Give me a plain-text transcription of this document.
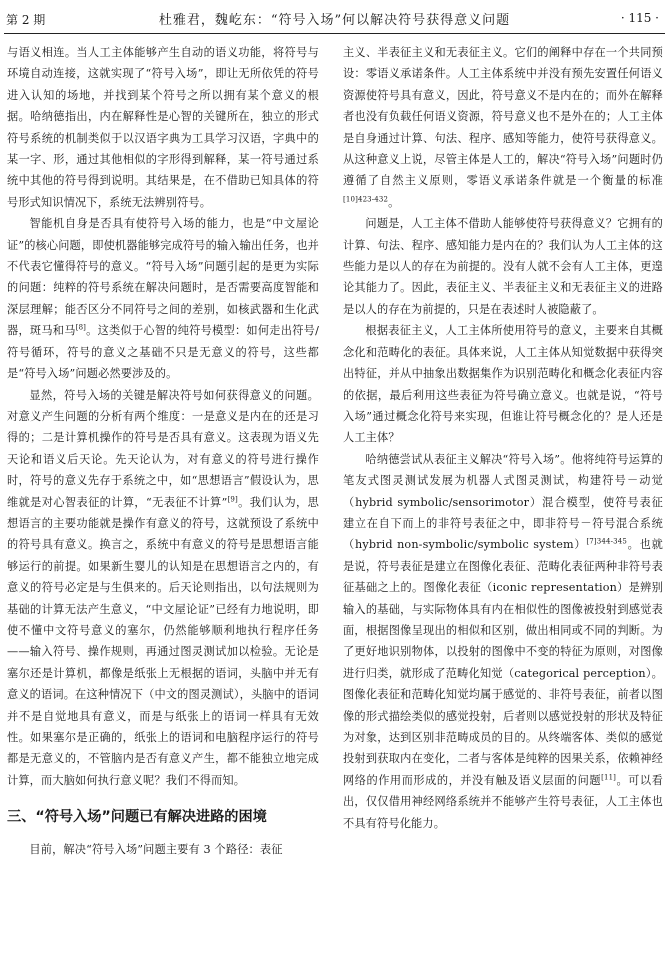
第 2 期	杜雅君，魏屹东：“符号入场”何以解决符号获得意义问题	· 115 ·

与语义相连。当人工主体能够产生自动的语义功能，将符号与环境自动连接，这就实现了“符号入场”，即让无所依凭的符号进入认知的场地，并找到某个符号之所以拥有某个意义的根据。哈纳德指出，内在解释性是心智的关键所在，独立的形式符号系统的机制类似于以汉语字典为工具学习汉语，字典中的某一字、形，通过其他相似的字形得到解释，某一符号通过系统中其他的符号得到说明。其结果是，在不借助已知具体的符号形式知识情况下，系统无法辨别符号。

智能机自身是否具有使符号入场的能力，也是“中文屋论证”的核心问题，即使机器能够完成符号的输入输出任务，也并不代表它懂得符号的意义。“符号入场”问题引起的是更为实际的问题：纯粹的符号系统在解决问题时，是否需要高度智能和深层理解；能否区分不同符号之间的差别，如核武器和生化武器，斑马和马[8]。这类似于心智的纯符号模型：如何走出符号/符号循环，符号的意义之基础不只是无意义的符号，这些都是“符号入场”问题必然要涉及的。

显然，符号入场的关键是解决符号如何获得意义的问题。对意义产生问题的分析有两个维度：一是意义是内在的还是习得的；二是计算机操作的符号是否具有意义。这表现为语义先天论和语义后天论。先天论认为，对有意义的符号进行操作时，符号的意义先存于系统之中，如“思想语言”假设认为，思维就是对心智表征的计算，“无表征不计算”[9]。我们认为，思想语言的主要功能就是操作有意义的符号，这就预设了系统中的符号具有意义。换言之，系统中有意义的符号是思想语言能够运行的前提。如果新生婴儿的认知是在思想语言之内的，有意义的符号必定是与生俱来的。后天论则指出，以句法规则为基础的计算无法产生意义，“中文屋论证”已经有力地说明，即使不懂中文符号意义的塞尔，仍然能够顺利地执行程序任务——输入符号、操作规则，再通过图灵测试加以检验。无论是塞尔还是计算机，都像是纸张上无根据的语词，头脑中并无有意义的语词。在这种情况下（中文的图灵测试），头脑中的语词并不是自觉地具有意义，而是与纸张上的语词一样具有无效性。如果塞尔是正确的，纸张上的语词和电脑程序运行的符号都是无意义的，不管脑内是否有意义产生，都不能独立地完成计算，而大脑如何执行意义呢？我们不得而知。

三、“符号入场”问题已有解决进路的困境

目前，解决“符号入场”问题主要有 3 个路径：表征

主义、半表征主义和无表征主义。它们的阐释中存在一个共同预设：零语义承诺条件。人工主体系统中并没有预先安置任何语义资源使符号具有意义，因此，符号意义不是内在的；而外在解释者也没有负载任何语义资源，符号意义也不是外在的；人工主体是自身通过计算、句法、程序、感知等能力，使符号获得意义。从这种意义上说，尽管主体是人工的，解决“符号入场”问题时仍遵循了自然主义原则，零语义承诺条件就是一个衡量的标准$^{[10]423-432}$。

问题是，人工主体不借助人能够使符号获得意义？它拥有的计算、句法、程序、感知能力是内在的？我们认为人工主体的这些能力是以人的存在为前提的。没有人就不会有人工主体，更遑论其能力了。因此，表征主义、半表征主义和无表征主义的进路是以人的存在为前提的，只是在表述时人被隐蔽了。

根据表征主义，人工主体所使用符号的意义，主要来自其概念化和范畴化的表征。具体来说，人工主体从知觉数据中获得突出特征，并从中抽象出数据集作为识别范畴化和概念化表征内容的依据，最后利用这些表征为符号确立意义。也就是说，“符号入场”通过概念化符号来实现，但谁让符号概念化的？是人还是人工主体？

哈纳德尝试从表征主义解决“符号入场”。他将纯符号运算的笔友式图灵测试发展为机器人式图灵测试，构建符号－动觉（hybrid symbolic/sensorimotor）混合模型，使符号表征建立在自下而上的非符号表征之中，即非符号－符号混合系统（hybrid non-symbolic/symbolic system）$^{[7]344-345}$。也就是说，符号表征是建立在图像化表征、范畴化表征两种非符号表征基础之上的。图像化表征（iconic representation）是辨别输入的基础，与实际物体具有内在相似性的图像被投射到感觉表面，根据图像呈现出的相似和区别，做出相同或不同的判断。为了更好地识别物体，以投射的图像中不变的特征为原则，对图像进行归类，就形成了范畴化知觉（categorical perception）。图像化表征和范畴化知觉均属于感觉的、非符号表征，前者以图像的形式描绘类似的感觉投射，后者则以感觉投射的形状及特征为对象，达到区别非范畴成员的目的。从终端客体、类似的感觉投射到获取内在变化，二者与客体是纯粹的因果关系，依赖神经网络的作用而形成的，并没有触及语义层面的问题[11]。可以看出，仅仅借用神经网络系统并不能够产生符号表征，人工主体也不具有符号化能力。
